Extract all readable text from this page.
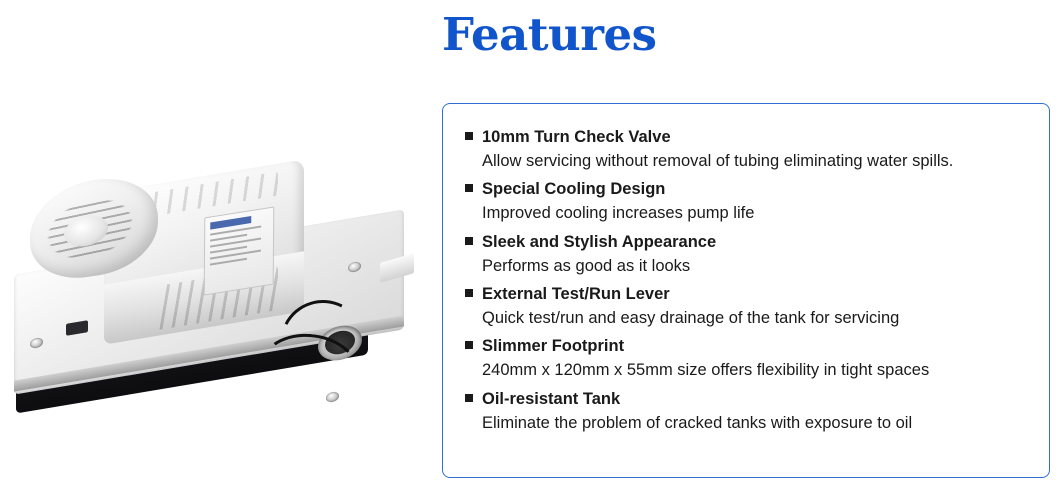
Features
10mm Turn Check Valve
Allow servicing without removal of tubing eliminating water spills.
Special Cooling Design
Improved cooling increases pump life
Sleek and Stylish Appearance
Performs as good as it looks
External Test/Run Lever
Quick test/run and easy drainage of the tank for servicing
Slimmer Footprint
240mm x 120mm x 55mm size offers flexibility in tight spaces
Oil-resistant Tank
Eliminate the problem of cracked tanks with exposure to oil
